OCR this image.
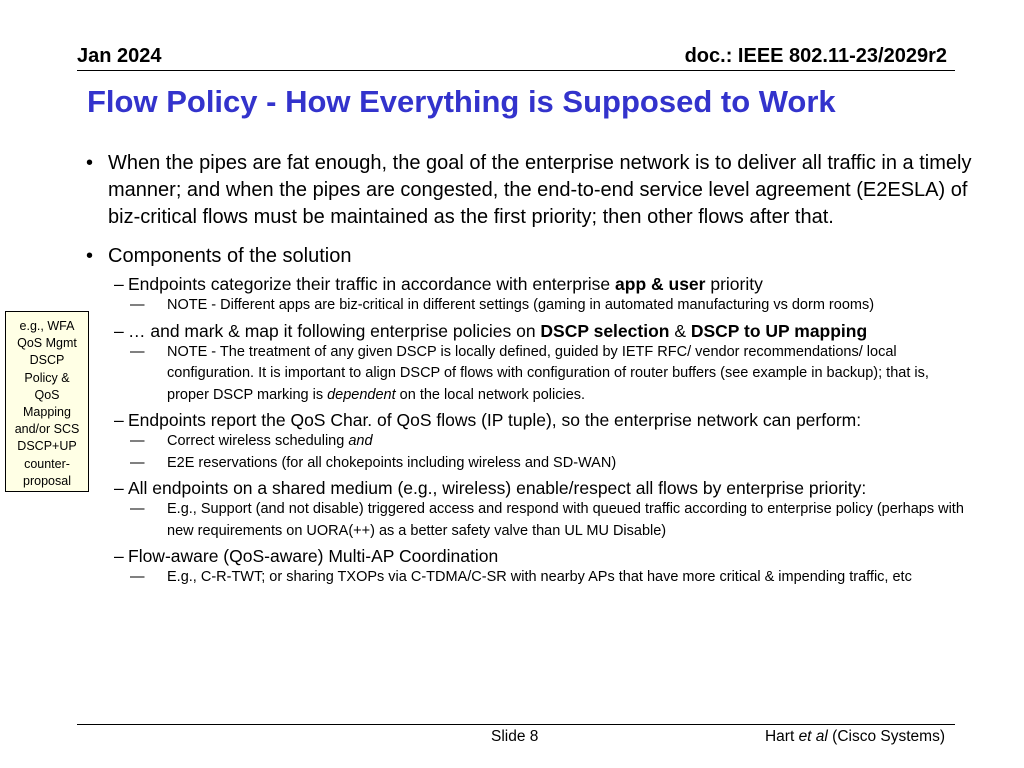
Jan 2024	doc.: IEEE 802.11-23/2029r2
Flow Policy - How Everything is Supposed to Work
e.g., WFA
QoS Mgmt
DSCP
Policy &
QoS
Mapping
and/or SCS
DSCP+UP
counter-
proposal
• When the pipes are fat enough, the goal of the enterprise network is to deliver all traffic in a timely manner; and when the pipes are congested, the end-to-end service level agreement (E2ESLA) of biz-critical flows must be maintained as the first priority; then other flows after that.
• Components of the solution
– Endpoints categorize their traffic in accordance with enterprise app & user priority
— NOTE - Different apps are biz-critical in different settings (gaming in automated manufacturing vs dorm rooms)
– … and mark & map it following enterprise policies on DSCP selection & DSCP to UP mapping
— NOTE - The treatment of any given DSCP is locally defined, guided by IETF RFC/ vendor recommendations/ local configuration. It is important to align DSCP of flows with configuration of router buffers (see example in backup); that is, proper DSCP marking is dependent on the local network policies.
– Endpoints report the QoS Char. of QoS flows (IP tuple), so the enterprise network can perform:
— Correct wireless scheduling and
— E2E reservations (for all chokepoints including wireless and SD-WAN)
– All endpoints on a shared medium (e.g., wireless) enable/respect all flows by enterprise priority:
— E.g., Support (and not disable) triggered access and respond with queued traffic according to enterprise policy (perhaps with new requirements on UORA(++) as a better safety valve than UL MU Disable)
– Flow-aware (QoS-aware) Multi-AP Coordination
— E.g., C-R-TWT; or sharing TXOPs via C-TDMA/C-SR with nearby APs that have more critical & impending traffic, etc
Slide 8	Hart et al (Cisco Systems)
